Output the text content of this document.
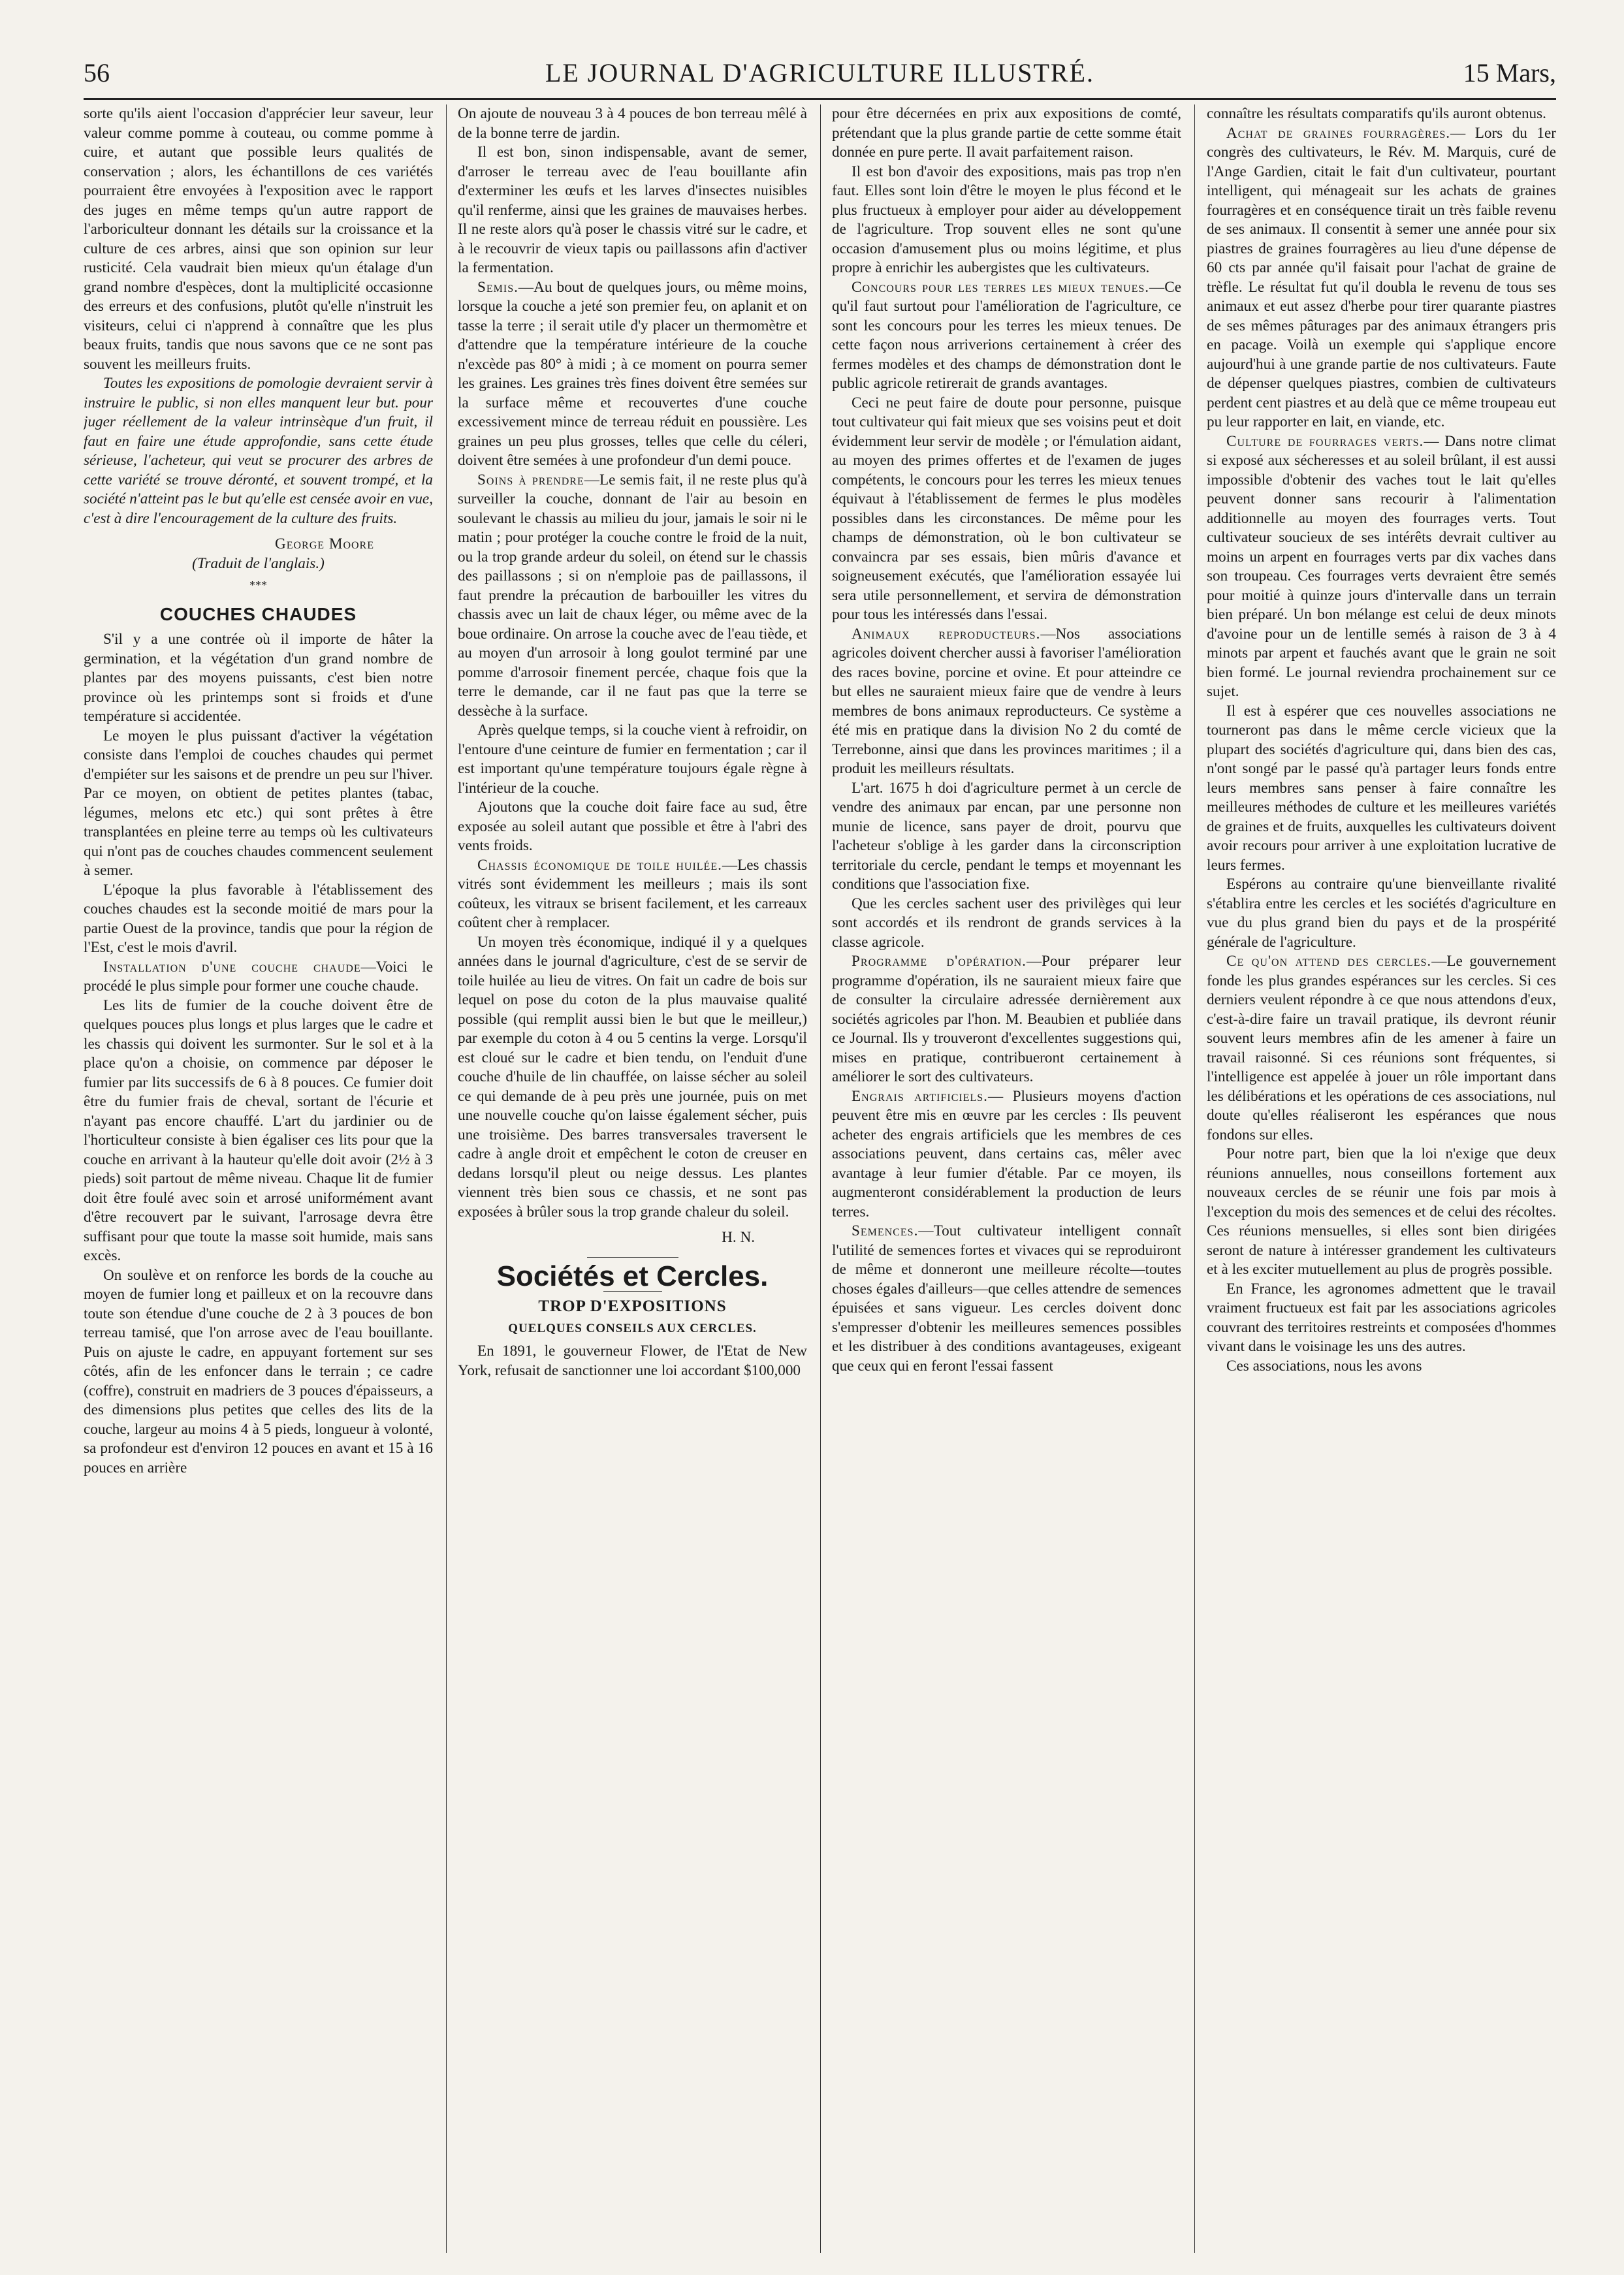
56	LE JOURNAL D'AGRICULTURE ILLUSTRÉ.	15 Mars,

sorte qu'ils aient l'occasion d'apprécier leur saveur, leur valeur comme pomme à couteau, ou comme pomme à cuire, et autant que possible leurs qualités de conservation ; alors, les échantillons de ces variétés pourraient être envoyées à l'exposition avec le rapport des juges en même temps qu'un autre rapport de l'arboriculteur donnant les détails sur la croissance et la culture de ces arbres, ainsi que son opinion sur leur rusticité. Cela vaudrait bien mieux qu'un étalage d'un grand nombre d'espèces, dont la multiplicité occasionne des erreurs et des confusions, plutôt qu'elle n'instruit les visiteurs, celui ci n'apprend à connaître que les plus beaux fruits, tandis que nous savons que ce ne sont pas souvent les meilleurs fruits.

Toutes les expositions de pomologie devraient servir à instruire le public, si non elles manquent leur but. pour juger réellement de la valeur intrinsèque d'un fruit, il faut en faire une étude approfondie, sans cette étude sérieuse, l'acheteur, qui veut se procurer des arbres de cette variété se trouve déronté, et souvent trompé, et la société n'atteint pas le but qu'elle est censée avoir en vue, c'est à dire l'encouragement de la culture des fruits.

George Moore

(Traduit de l'anglais.)

***

COUCHES CHAUDES

S'il y a une contrée où il importe de hâter la germination, et la végétation d'un grand nombre de plantes par des moyens puissants, c'est bien notre province où les printemps sont si froids et d'une température si accidentée.

Le moyen le plus puissant d'activer la végétation consiste dans l'emploi de couches chaudes qui permet d'empiéter sur les saisons et de prendre un peu sur l'hiver. Par ce moyen, on obtient de petites plantes (tabac, légumes, melons etc etc.) qui sont prêtes à être transplantées en pleine terre au temps où les cultivateurs qui n'ont pas de couches chaudes commencent seulement à semer.

L'époque la plus favorable à l'établissement des couches chaudes est la seconde moitié de mars pour la partie Ouest de la province, tandis que pour la région de l'Est, c'est le mois d'avril.

Installation d'une couche chaude—Voici le procédé le plus simple pour former une couche chaude.

Les lits de fumier de la couche doivent être de quelques pouces plus longs et plus larges que le cadre et les chassis qui doivent les surmonter. Sur le sol et à la place qu'on a choisie, on commence par déposer le fumier par lits successifs de 6 à 8 pouces. Ce fumier doit être du fumier frais de cheval, sortant de l'écurie et n'ayant pas encore chauffé. L'art du jardinier ou de l'horticulteur consiste à bien égaliser ces lits pour que la couche en arrivant à la hauteur qu'elle doit avoir (2½ à 3 pieds) soit partout de même niveau. Chaque lit de fumier doit être foulé avec soin et arrosé uniformément avant d'être recouvert par le suivant, l'arrosage devra être suffisant pour que toute la masse soit humide, mais sans excès.

On soulève et on renforce les bords de la couche au moyen de fumier long et pailleux et on la recouvre dans toute son étendue d'une couche de 2 à 3 pouces de bon terreau tamisé, que l'on arrose avec de l'eau bouillante. Puis on ajuste le cadre, en appuyant fortement sur ses côtés, afin de les enfoncer dans le terrain ; ce cadre (coffre), construit en madriers de 3 pouces d'épaisseurs, a des dimensions plus petites que celles des lits de la couche, largeur au moins 4 à 5 pieds, longueur à volonté, sa profondeur est d'environ 12 pouces en avant et 15 à 16 pouces en arrière

On ajoute de nouveau 3 à 4 pouces de bon terreau mêlé à de la bonne terre de jardin.

Il est bon, sinon indispensable, avant de semer, d'arroser le terreau avec de l'eau bouillante afin d'exterminer les œufs et les larves d'insectes nuisibles qu'il renferme, ainsi que les graines de mauvaises herbes. Il ne reste alors qu'à poser le chassis vitré sur le cadre, et à le recouvrir de vieux tapis ou paillassons afin d'activer la fermentation.

Semis.—Au bout de quelques jours, ou même moins, lorsque la couche a jeté son premier feu, on aplanit et on tasse la terre ; il serait utile d'y placer un thermomètre et d'attendre que la température intérieure de la couche n'excède pas 80° à midi ; à ce moment on pourra semer les graines. Les graines très fines doivent être semées sur la surface même et recouvertes d'une couche excessivement mince de terreau réduit en poussière. Les graines un peu plus grosses, telles que celle du céleri, doivent être semées à une profondeur d'un demi pouce.

Soins à prendre—Le semis fait, il ne reste plus qu'à surveiller la couche, donnant de l'air au besoin en soulevant le chassis au milieu du jour, jamais le soir ni le matin ; pour protéger la couche contre le froid de la nuit, ou la trop grande ardeur du soleil, on étend sur le chassis des paillassons ; si on n'emploie pas de paillassons, il faut prendre la précaution de barbouiller les vitres du chassis avec un lait de chaux léger, ou même avec de la boue ordinaire. On arrose la couche avec de l'eau tiède, et au moyen d'un arrosoir à long goulot terminé par une pomme d'arrosoir finement percée, chaque fois que la terre le demande, car il ne faut pas que la terre se dessèche à la surface.

Après quelque temps, si la couche vient à refroidir, on l'entoure d'une ceinture de fumier en fermentation ; car il est important qu'une température toujours égale règne à l'intérieur de la couche.

Ajoutons que la couche doit faire face au sud, être exposée au soleil autant que possible et être à l'abri des vents froids.

Chassis économique de toile huilée.—Les chassis vitrés sont évidemment les meilleurs ; mais ils sont coûteux, les vitraux se brisent facilement, et les carreaux coûtent cher à remplacer.

Un moyen très économique, indiqué il y a quelques années dans le journal d'agriculture, c'est de se servir de toile huilée au lieu de vitres. On fait un cadre de bois sur lequel on pose du coton de la plus mauvaise qualité possible (qui remplit aussi bien le but que le meilleur,) par exemple du coton à 4 ou 5 centins la verge. Lorsqu'il est cloué sur le cadre et bien tendu, on l'enduit d'une couche d'huile de lin chauffée, on laisse sécher au soleil ce qui demande de à peu près une journée, puis on met une nouvelle couche qu'on laisse également sécher, puis une troisième. Des barres transversales traversent le cadre à angle droit et empêchent le coton de creuser en dedans lorsqu'il pleut ou neige dessus. Les plantes viennent très bien sous ce chassis, et ne sont pas exposées à brûler sous la trop grande chaleur du soleil.

H. N.

Sociétés et Cercles.

TROP D'EXPOSITIONS

QUELQUES CONSEILS AUX CERCLES.

En 1891, le gouverneur Flower, de l'Etat de New York, refusait de sanctionner une loi accordant $100,000

pour être décernées en prix aux expositions de comté, prétendant que la plus grande partie de cette somme était donnée en pure perte. Il avait parfaitement raison.

Il est bon d'avoir des expositions, mais pas trop n'en faut. Elles sont loin d'être le moyen le plus fécond et le plus fructueux à employer pour aider au développement de l'agriculture. Trop souvent elles ne sont qu'une occasion d'amusement plus ou moins légitime, et plus propre à enrichir les aubergistes que les cultivateurs.

Concours pour les terres les mieux tenues.—Ce qu'il faut surtout pour l'amélioration de l'agriculture, ce sont les concours pour les terres les mieux tenues. De cette façon nous arriverions certainement à créer des fermes modèles et des champs de démonstration dont le public agricole retirerait de grands avantages.

Ceci ne peut faire de doute pour personne, puisque tout cultivateur qui fait mieux que ses voisins peut et doit évidemment leur servir de modèle ; or l'émulation aidant, au moyen des primes offertes et de l'examen de juges compétents, le concours pour les terres les mieux tenues équivaut à l'établissement de fermes le plus modèles possibles dans les circonstances. De même pour les champs de démonstration, où le bon cultivateur se convaincra par ses essais, bien mûris d'avance et soigneusement exécutés, que l'amélioration essayée lui sera utile personnellement, et servira de démonstration pour tous les intéressés dans l'essai.

Animaux reproducteurs.—Nos associations agricoles doivent chercher aussi à favoriser l'amélioration des races bovine, porcine et ovine. Et pour atteindre ce but elles ne sauraient mieux faire que de vendre à leurs membres de bons animaux reproducteurs. Ce système a été mis en pratique dans la division No 2 du comté de Terrebonne, ainsi que dans les provinces maritimes ; il a produit les meilleurs résultats.

L'art. 1675 h doi d'agriculture permet à un cercle de vendre des animaux par encan, par une personne non munie de licence, sans payer de droit, pourvu que l'acheteur s'oblige à les garder dans la circonscription territoriale du cercle, pendant le temps et moyennant les conditions que l'association fixe.

Que les cercles sachent user des privilèges qui leur sont accordés et ils rendront de grands services à la classe agricole.

Programme d'opération.—Pour préparer leur programme d'opération, ils ne sauraient mieux faire que de consulter la circulaire adressée dernièrement aux sociétés agricoles par l'hon. M. Beaubien et publiée dans ce Journal. Ils y trouveront d'excellentes suggestions qui, mises en pratique, contribueront certainement à améliorer le sort des cultivateurs.

Engrais artificiels.— Plusieurs moyens d'action peuvent être mis en œuvre par les cercles : Ils peuvent acheter des engrais artificiels que les membres de ces associations peuvent, dans certains cas, mêler avec avantage à leur fumier d'étable. Par ce moyen, ils augmenteront considérablement la production de leurs terres.

Semences.—Tout cultivateur intelligent connaît l'utilité de semences fortes et vivaces qui se reproduiront de même et donneront une meilleure récolte—toutes choses égales d'ailleurs—que celles attendre de semences épuisées et sans vigueur. Les cercles doivent donc s'empresser d'obtenir les meilleures semences possibles et les distribuer à des conditions avantageuses, exigeant que ceux qui en feront l'essai fassent

connaître les résultats comparatifs qu'ils auront obtenus.

Achat de graines fourragères.— Lors du 1er congrès des cultivateurs, le Rév. M. Marquis, curé de l'Ange Gardien, citait le fait d'un cultivateur, pourtant intelligent, qui ménageait sur les achats de graines fourragères et en conséquence tirait un très faible revenu de ses animaux. Il consentit à semer une année pour six piastres de graines fourragères au lieu d'une dépense de 60 cts par année qu'il faisait pour l'achat de graine de trèfle. Le résultat fut qu'il doubla le revenu de tous ses animaux et eut assez d'herbe pour tirer quarante piastres de ses mêmes pâturages par des animaux étrangers pris en pacage. Voilà un exemple qui s'applique encore aujourd'hui à une grande partie de nos cultivateurs. Faute de dépenser quelques piastres, combien de cultivateurs perdent cent piastres et au delà que ce même troupeau eut pu leur rapporter en lait, en viande, etc.

Culture de fourrages verts.— Dans notre climat si exposé aux sécheresses et au soleil brûlant, il est aussi impossible d'obtenir des vaches tout le lait qu'elles peuvent donner sans recourir à l'alimentation additionnelle au moyen des fourrages verts. Tout cultivateur soucieux de ses intérêts devrait cultiver au moins un arpent en fourrages verts par dix vaches dans son troupeau. Ces fourrages verts devraient être semés pour moitié à quinze jours d'intervalle dans un terrain bien préparé. Un bon mélange est celui de deux minots d'avoine pour un de lentille semés à raison de 3 à 4 minots par arpent et fauchés avant que le grain ne soit bien formé. Le journal reviendra prochainement sur ce sujet.

Il est à espérer que ces nouvelles associations ne tourneront pas dans le même cercle vicieux que la plupart des sociétés d'agriculture qui, dans bien des cas, n'ont songé par le passé qu'à partager leurs fonds entre leurs membres sans penser à faire connaître les meilleures méthodes de culture et les meilleures variétés de graines et de fruits, auxquelles les cultivateurs doivent avoir recours pour arriver à une exploitation lucrative de leurs fermes.

Espérons au contraire qu'une bienveillante rivalité s'établira entre les cercles et les sociétés d'agriculture en vue du plus grand bien du pays et de la prospérité générale de l'agriculture.

Ce qu'on attend des cercles.—Le gouvernement fonde les plus grandes espérances sur les cercles. Si ces derniers veulent répondre à ce que nous attendons d'eux, c'est-à-dire faire un travail pratique, ils devront réunir souvent leurs membres afin de les amener à faire un travail raisonné. Si ces réunions sont fréquentes, si l'intelligence est appelée à jouer un rôle important dans les délibérations et les opérations de ces associations, nul doute qu'elles réaliseront les espérances que nous fondons sur elles.

Pour notre part, bien que la loi n'exige que deux réunions annuelles, nous conseillons fortement aux nouveaux cercles de se réunir une fois par mois à l'exception du mois des semences et de celui des récoltes. Ces réunions mensuelles, si elles sont bien dirigées seront de nature à intéresser grandement les cultivateurs et à les exciter mutuellement au plus de progrès possible.

En France, les agronomes admettent que le travail vraiment fructueux est fait par les associations agricoles couvrant des territoires restreints et composées d'hommes vivant dans le voisinage les uns des autres.

Ces associations, nous les avons
